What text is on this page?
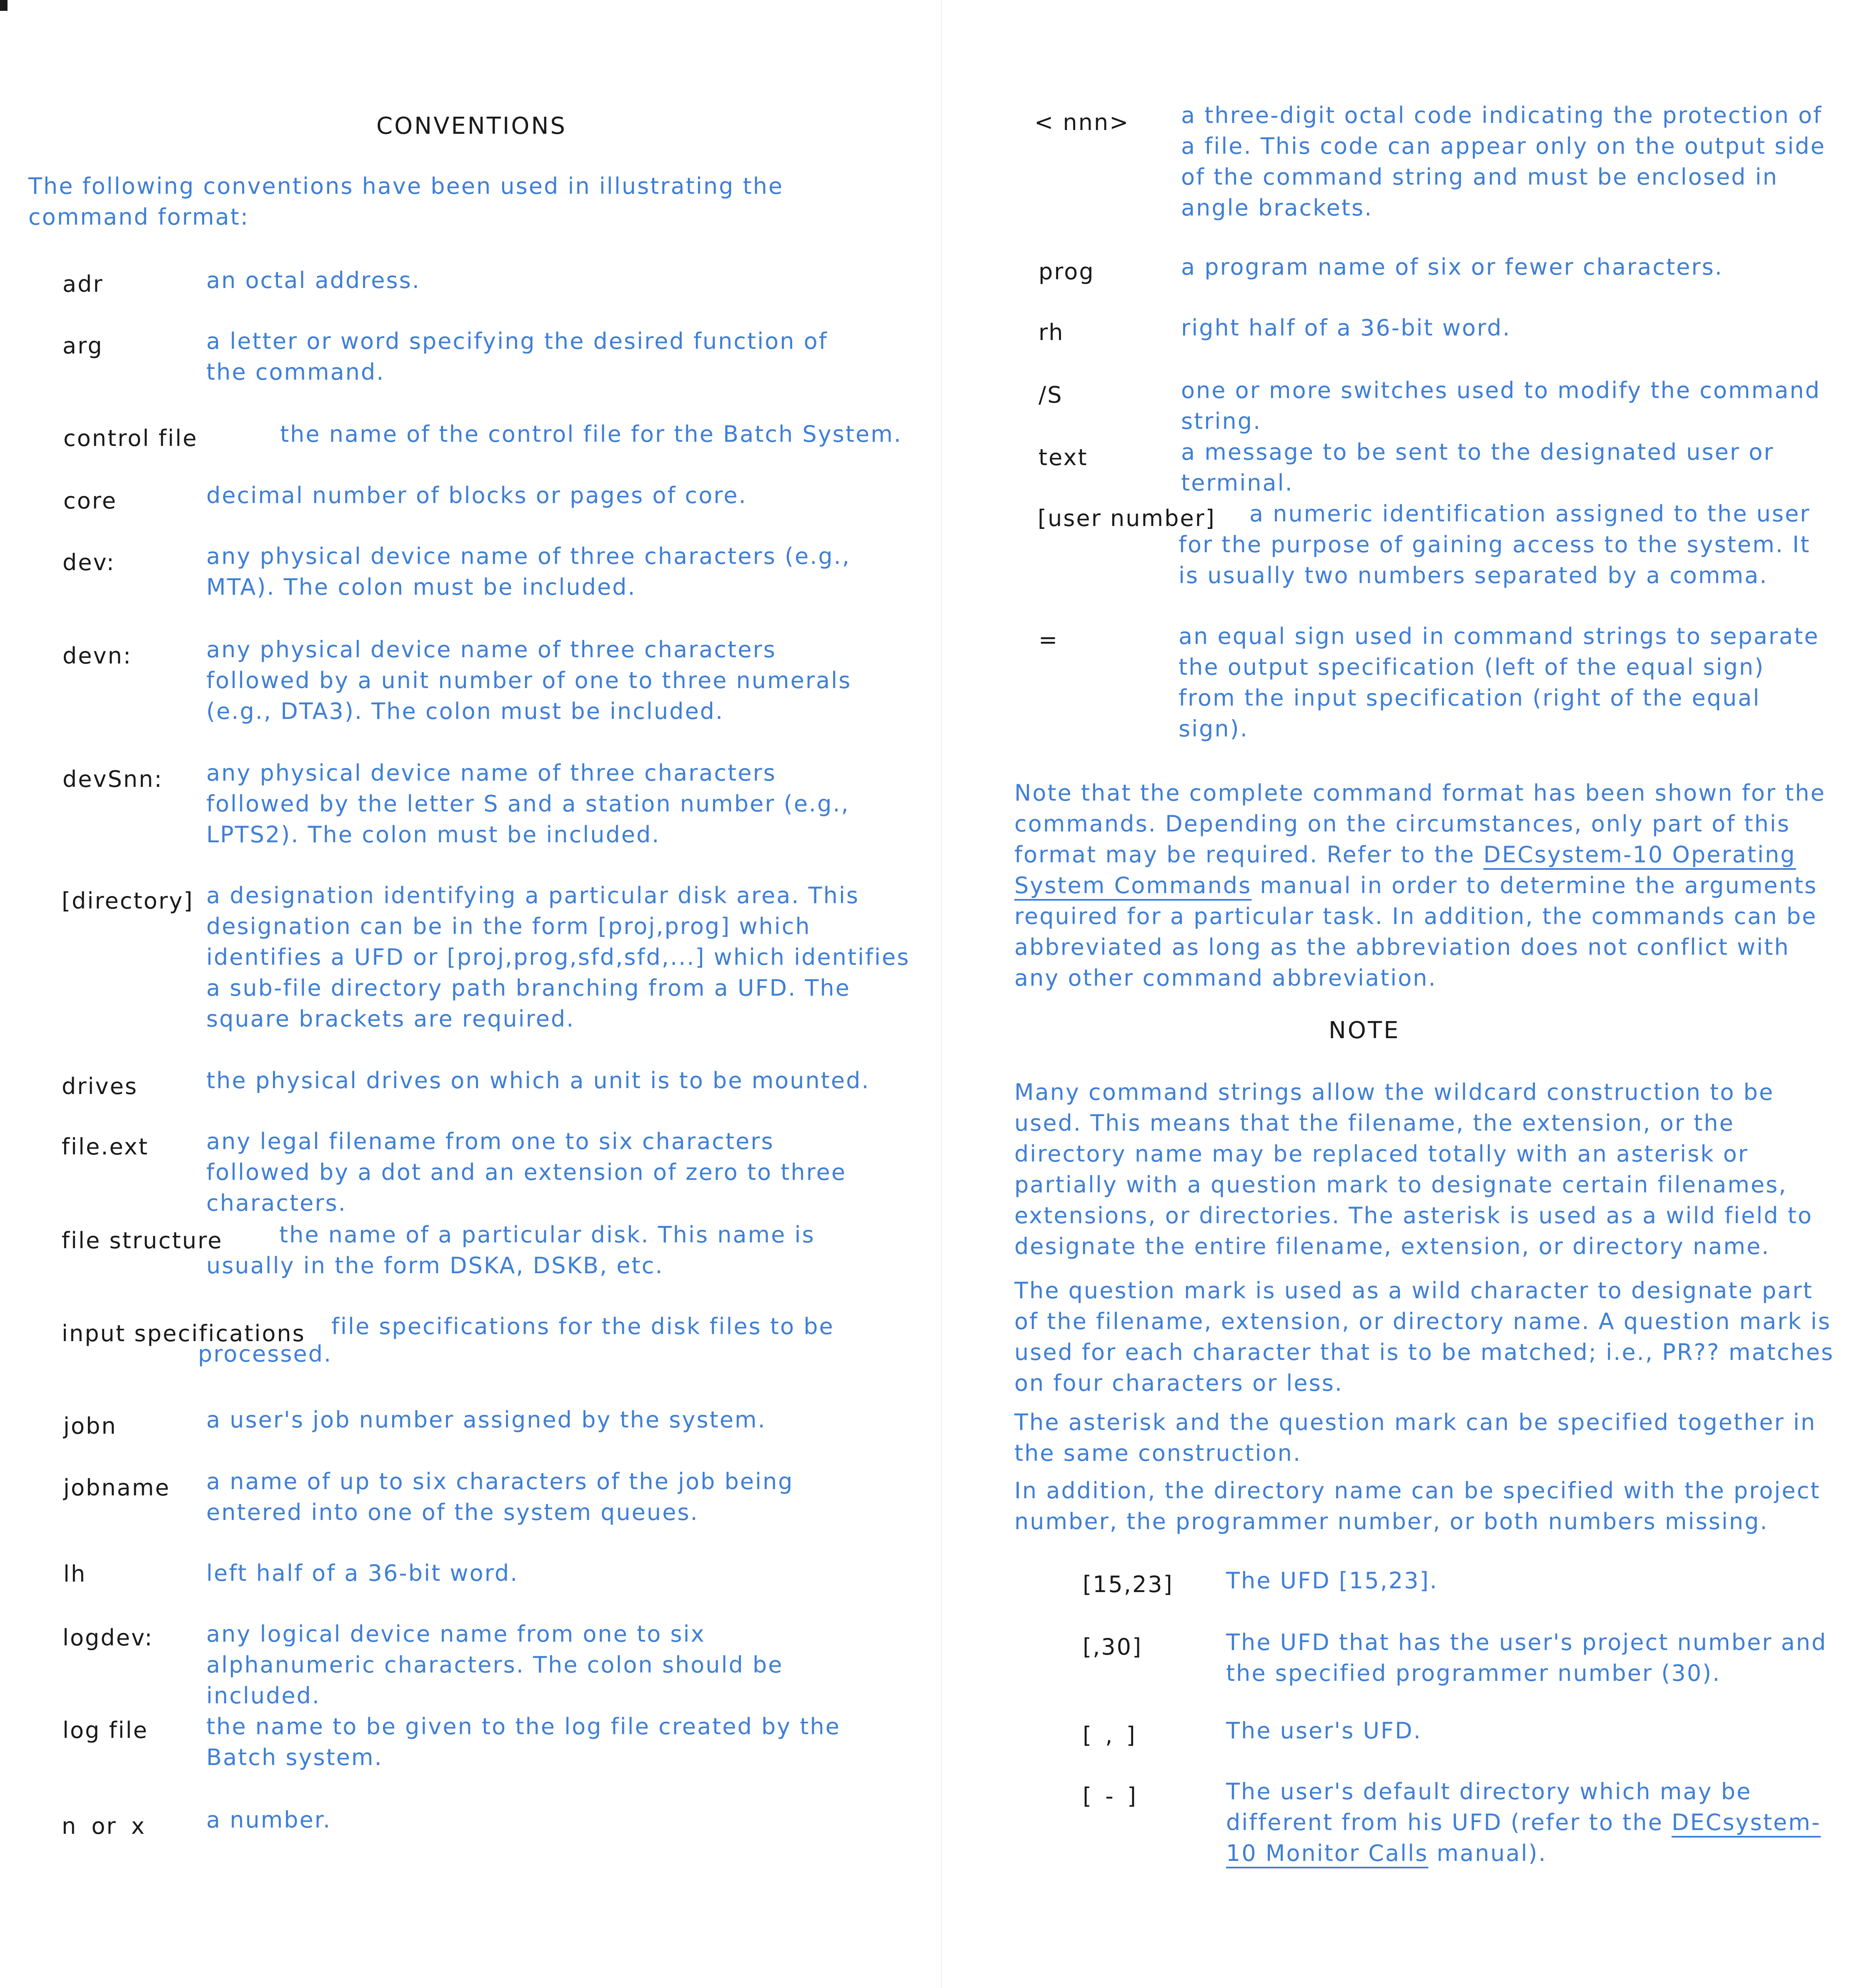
CONVENTIONS
The following conventions have been used in illustrating the command format:
adr	an octal address.
arg	a letter or word specifying the desired function of the command.
control file	the name of the control file for the Batch System.
core	decimal number of blocks or pages of core.
dev:	any physical device name of three characters (e.g., MTA). The colon must be included.
devn:	any physical device name of three characters followed by a unit number of one to three numerals (e.g., DTA3). The colon must be included.
devSnn: any physical device name of three characters followed by the letter S and a station number (e.g., LPTS2). The colon must be included.
[directory] a designation identifying a particular disk area. This designation can be in the form [proj,prog] which identifies a UFD or [proj,prog,sfd,sfd,...] which identifies a sub-file directory path branching from a UFD. The square brackets are required.
drives	the physical drives on which a unit is to be mounted.
file.ext	any legal filename from one to six characters followed by a dot and an extension of zero to three characters.
file structure	the name of a particular disk. This name is usually in the form DSKA, DSKB, etc.
input specifications	file specifications for the disk files to be processed.
jobn	a user's job number assigned by the system.
jobname a name of up to six characters of the job being entered into one of the system queues.
lh	left half of a 36-bit word.
logdev: any logical device name from one to six alphanumeric characters. The colon should be included.
log file	the name to be given to the log file created by the Batch system.
n or x	a number.
< nnn> a three-digit octal code indicating the protection of a file. This code can appear only on the output side of the command string and must be enclosed in angle brackets.
prog	a program name of six or fewer characters.
rh	right half of a 36-bit word.
/S	one or more switches used to modify the command string.
text	a message to be sent to the designated user or terminal.
[user number]	a numeric identification assigned to the user for the purpose of gaining access to the system. It is usually two numbers separated by a comma.
=	an equal sign used in command strings to separate the output specification (left of the equal sign) from the input specification (right of the equal sign).
Note that the complete command format has been shown for the commands. Depending on the circumstances, only part of this format may be required. Refer to the DECsystem-10 Operating System Commands manual in order to determine the arguments required for a particular task. In addition, the commands can be abbreviated as long as the abbreviation does not conflict with any other command abbreviation.
NOTE
Many command strings allow the wildcard construction to be used. This means that the filename, the extension, or the directory name may be replaced totally with an asterisk or partially with a question mark to designate certain filenames, extensions, or directories. The asterisk is used as a wild field to designate the entire filename, extension, or directory name.
The question mark is used as a wild character to designate part of the filename, extension, or directory name. A question mark is used for each character that is to be matched; i.e., PR?? matches on four characters or less.
The asterisk and the question mark can be specified together in the same construction.
In addition, the directory name can be specified with the project number, the programmer number, or both numbers missing.
[15,23] The UFD [15,23].
[,30]	The UFD that has the user's project number and the specified programmer number (30).
[ , ]	The user's UFD.
[ - ]	The user's default directory which may be different from his UFD (refer to the DECsystem-10 Monitor Calls manual).
